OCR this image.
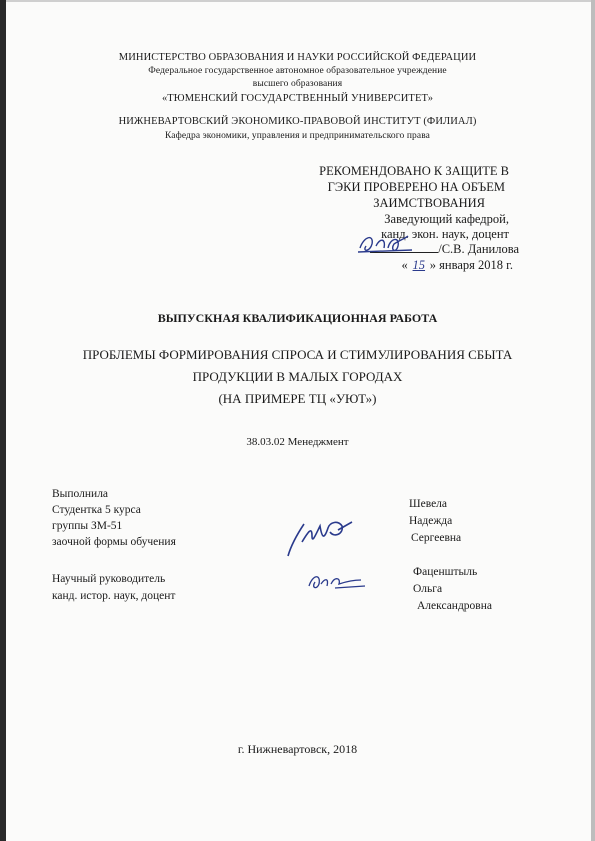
МИНИСТЕРСТВО ОБРАЗОВАНИЯ И НАУКИ РОССИЙСКОЙ ФЕДЕРАЦИИ
Федеральное государственное автономное образовательное учреждение
высшего образования
«ТЮМЕНСКИЙ ГОСУДАРСТВЕННЫЙ УНИВЕРСИТЕТ»
НИЖНЕВАРТОВСКИЙ ЭКОНОМИКО-ПРАВОВОЙ ИНСТИТУТ (ФИЛИАЛ)
Кафедра экономики, управления и предпринимательского права
РЕКОМЕНДОВАНО К ЗАЩИТЕ В
ГЭКИ ПРОВЕРЕНО НА ОБЪЕМ
ЗАИМСТВОВАНИЯ
Заведующий кафедрой,
канд. экон. наук, доцент
/С.В. Данилова
« 15 » января 2018 г.
ВЫПУСКНАЯ КВАЛИФИКАЦИОННАЯ РАБОТА
ПРОБЛЕМЫ ФОРМИРОВАНИЯ СПРОСА И СТИМУЛИРОВАНИЯ СБЫТА
ПРОДУКЦИИ В МАЛЫХ ГОРОДАХ
(НА ПРИМЕРЕ ТЦ «УЮТ»)
38.03.02 Менеджмент
Выполнила
Студентка 5 курса
группы ЗМ-51
заочной формы обучения
Шевела
Надежда
Сергеевна
Научный руководитель
канд. истор. наук, доцент
Фаценштыль
Ольга
Александровна
г. Нижневартовск, 2018
